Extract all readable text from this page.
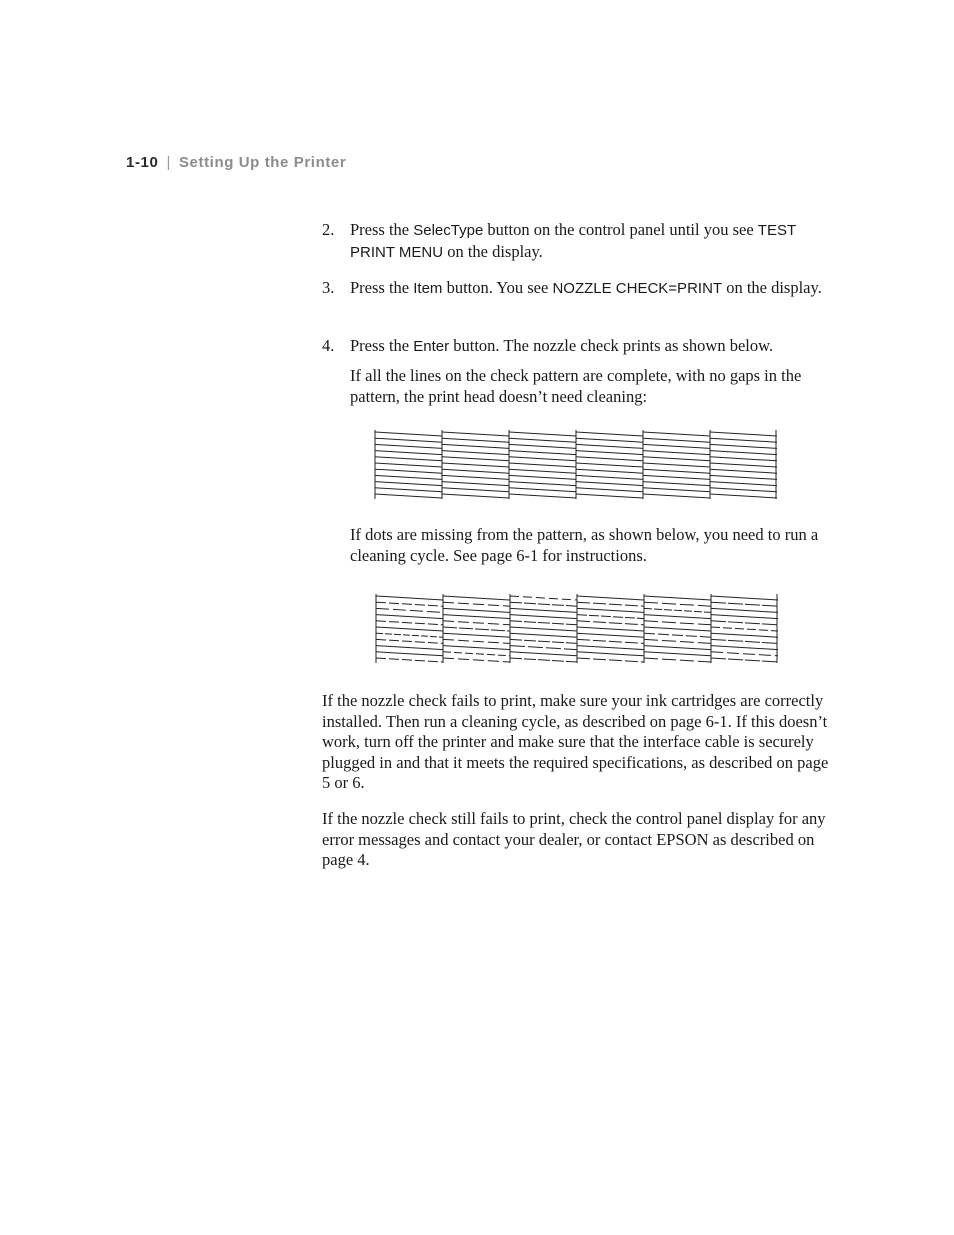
1-10 | Setting Up the Printer
2. Press the SelecType button on the control panel until you see TEST PRINT MENU on the display.
3. Press the Item button. You see NOZZLE CHECK=PRINT on the display.
4. Press the Enter button. The nozzle check prints as shown below.
If all the lines on the check pattern are complete, with no gaps in the pattern, the print head doesn’t need cleaning:
If dots are missing from the pattern, as shown below, you need to run a cleaning cycle. See page 6-1 for instructions.
If the nozzle check fails to print, make sure your ink cartridges are correctly installed. Then run a cleaning cycle, as described on page 6-1. If this doesn’t work, turn off the printer and make sure that the interface cable is securely plugged in and that it meets the required specifications, as described on page 5 or 6.
If the nozzle check still fails to print, check the control panel display for any error messages and contact your dealer, or contact EPSON as described on page 4.
